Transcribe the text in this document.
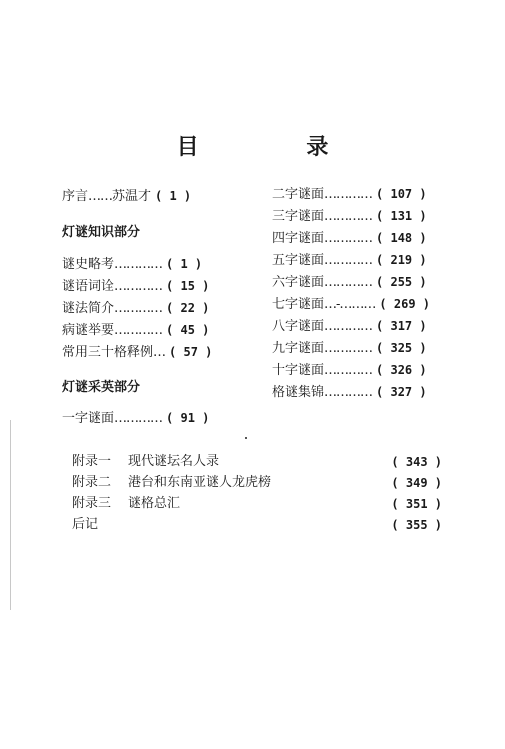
目 录
序言……苏温才 ( 1 )
灯谜知识部分
谜史略考………… ( 1 )
谜语词诠………… ( 15 )
谜法简介………… ( 22 )
病谜举要………… ( 45 )
常用三十格释例… ( 57 )
灯谜采英部分
一字谜面………… ( 91 )
二字谜面………… ( 107 )
三字谜面………… ( 131 )
四字谜面………… ( 148 )
五字谜面………… ( 219 )
六字谜面………… ( 255 )
七字谜面…-……… ( 269 )
八字谜面………… ( 317 )
九字谜面………… ( 325 )
十字谜面………… ( 326 )
格谜集锦………… ( 327 )
附录一 现代谜坛名人录	( 343 )
附录二 港台和东南亚谜人龙虎榜	( 349 )
附录三 谜格总汇	( 351 )
后记	( 355 )
